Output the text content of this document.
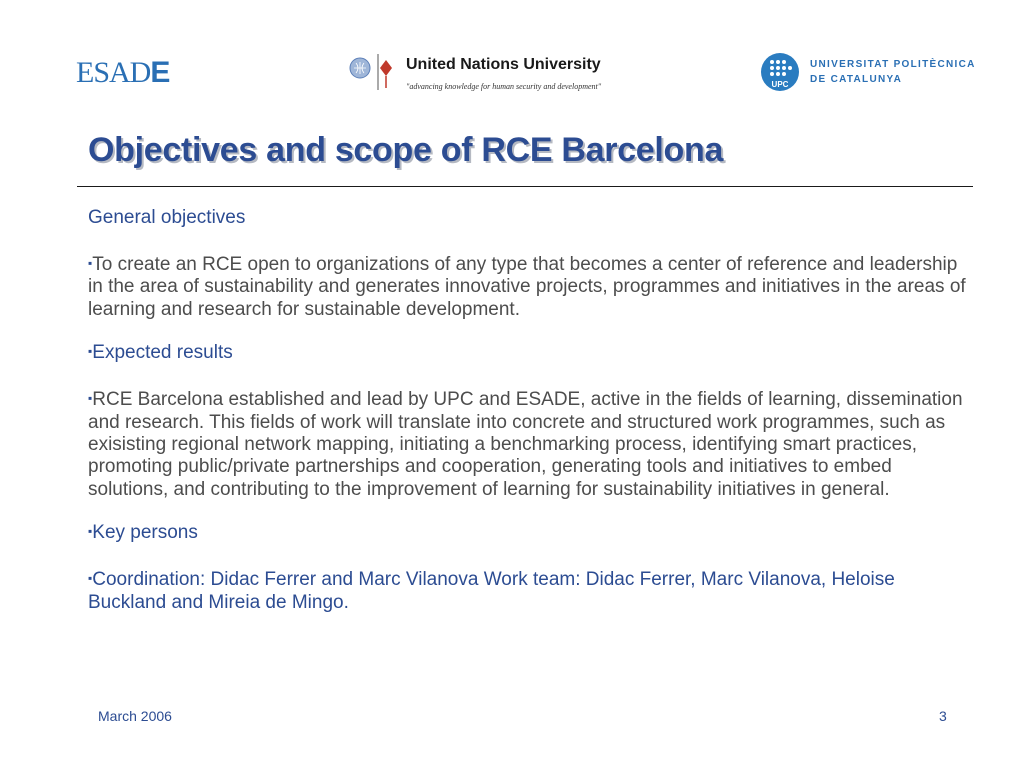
ESADE	United Nations University
"advancing knowledge for human security and development"	UPC
UNIVERSITAT POLITÈCNICA
DE CATALUNYA
Objectives and scope of RCE Barcelona
General objectives
▪To create an RCE open to organizations of any type that becomes a center of reference and leadership in the area of sustainability and generates innovative projects, programmes and initiatives in the areas of learning and research for sustainable development.
▪Expected results
▪RCE Barcelona established and lead by UPC and ESADE, active in the fields of learning, dissemination and research. This fields of work will translate into concrete and structured work programmes, such as exisisting regional network mapping, initiating a benchmarking process, identifying smart practices, promoting public/private partnerships and cooperation, generating tools and initiatives to embed solutions, and contributing to the improvement of learning for sustainability initiatives in general.
▪Key persons
▪Coordination: Didac Ferrer and Marc Vilanova Work team: Didac Ferrer, Marc Vilanova, Heloise Buckland and Mireia de Mingo.
March 2006	3
